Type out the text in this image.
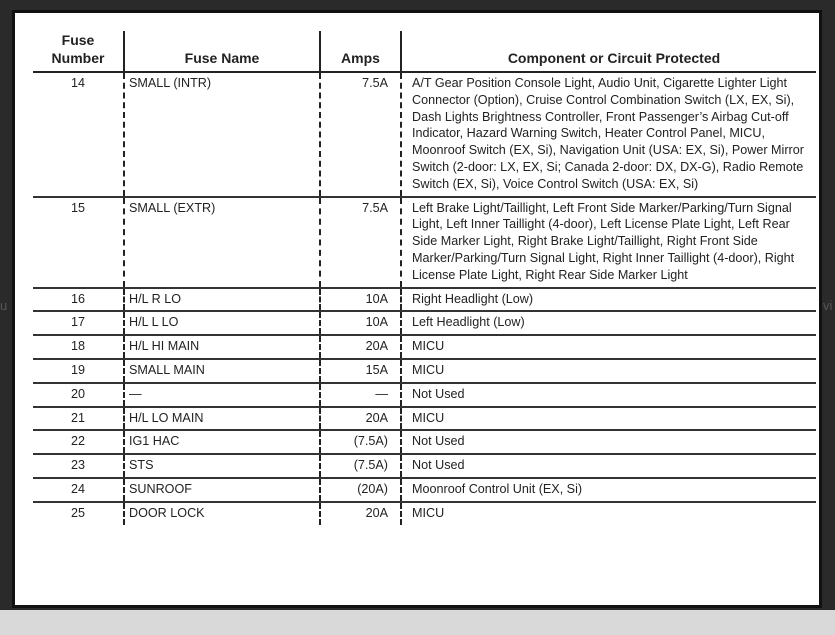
Fuse
Number	Fuse Name	Amps	Component or Circuit Protected
14	SMALL (INTR)	7.5A	A/T Gear Position Console Light, Audio Unit, Cigarette Lighter Light Connector (Option), Cruise Control Combination Switch (LX, EX, Si), Dash Lights Brightness Controller, Front Passenger’s Airbag Cut-off Indicator, Hazard Warning Switch, Heater Control Panel, MICU, Moonroof Switch (EX, Si), Navigation Unit (USA: EX, Si), Power Mirror Switch (2-door: LX, EX, Si; Canada 2-door: DX, DX-G), Radio Remote Switch (EX, Si), Voice Control Switch (USA: EX, Si)
15	SMALL (EXTR)	7.5A	Left Brake Light/Taillight, Left Front Side Marker/Parking/Turn Signal Light, Left Inner Taillight (4-door), Left License Plate Light, Left Rear Side Marker Light, Right Brake Light/Taillight, Right Front Side Marker/Parking/Turn Signal Light, Right Inner Taillight (4-door), Right License Plate Light, Right Rear Side Marker Light
16	H/L R LO	10A	Right Headlight (Low)
17	H/L L LO	10A	Left Headlight (Low)
18	H/L HI MAIN	20A	MICU
19	SMALL MAIN	15A	MICU
20	—	—	Not Used
21	H/L LO MAIN	20A	MICU
22	IG1 HAC	(7.5A)	Not Used
23	STS	(7.5A)	Not Used
24	SUNROOF	(20A)	Moonroof Control Unit (EX, Si)
25	DOOR LOCK	20A	MICU
u	vi
